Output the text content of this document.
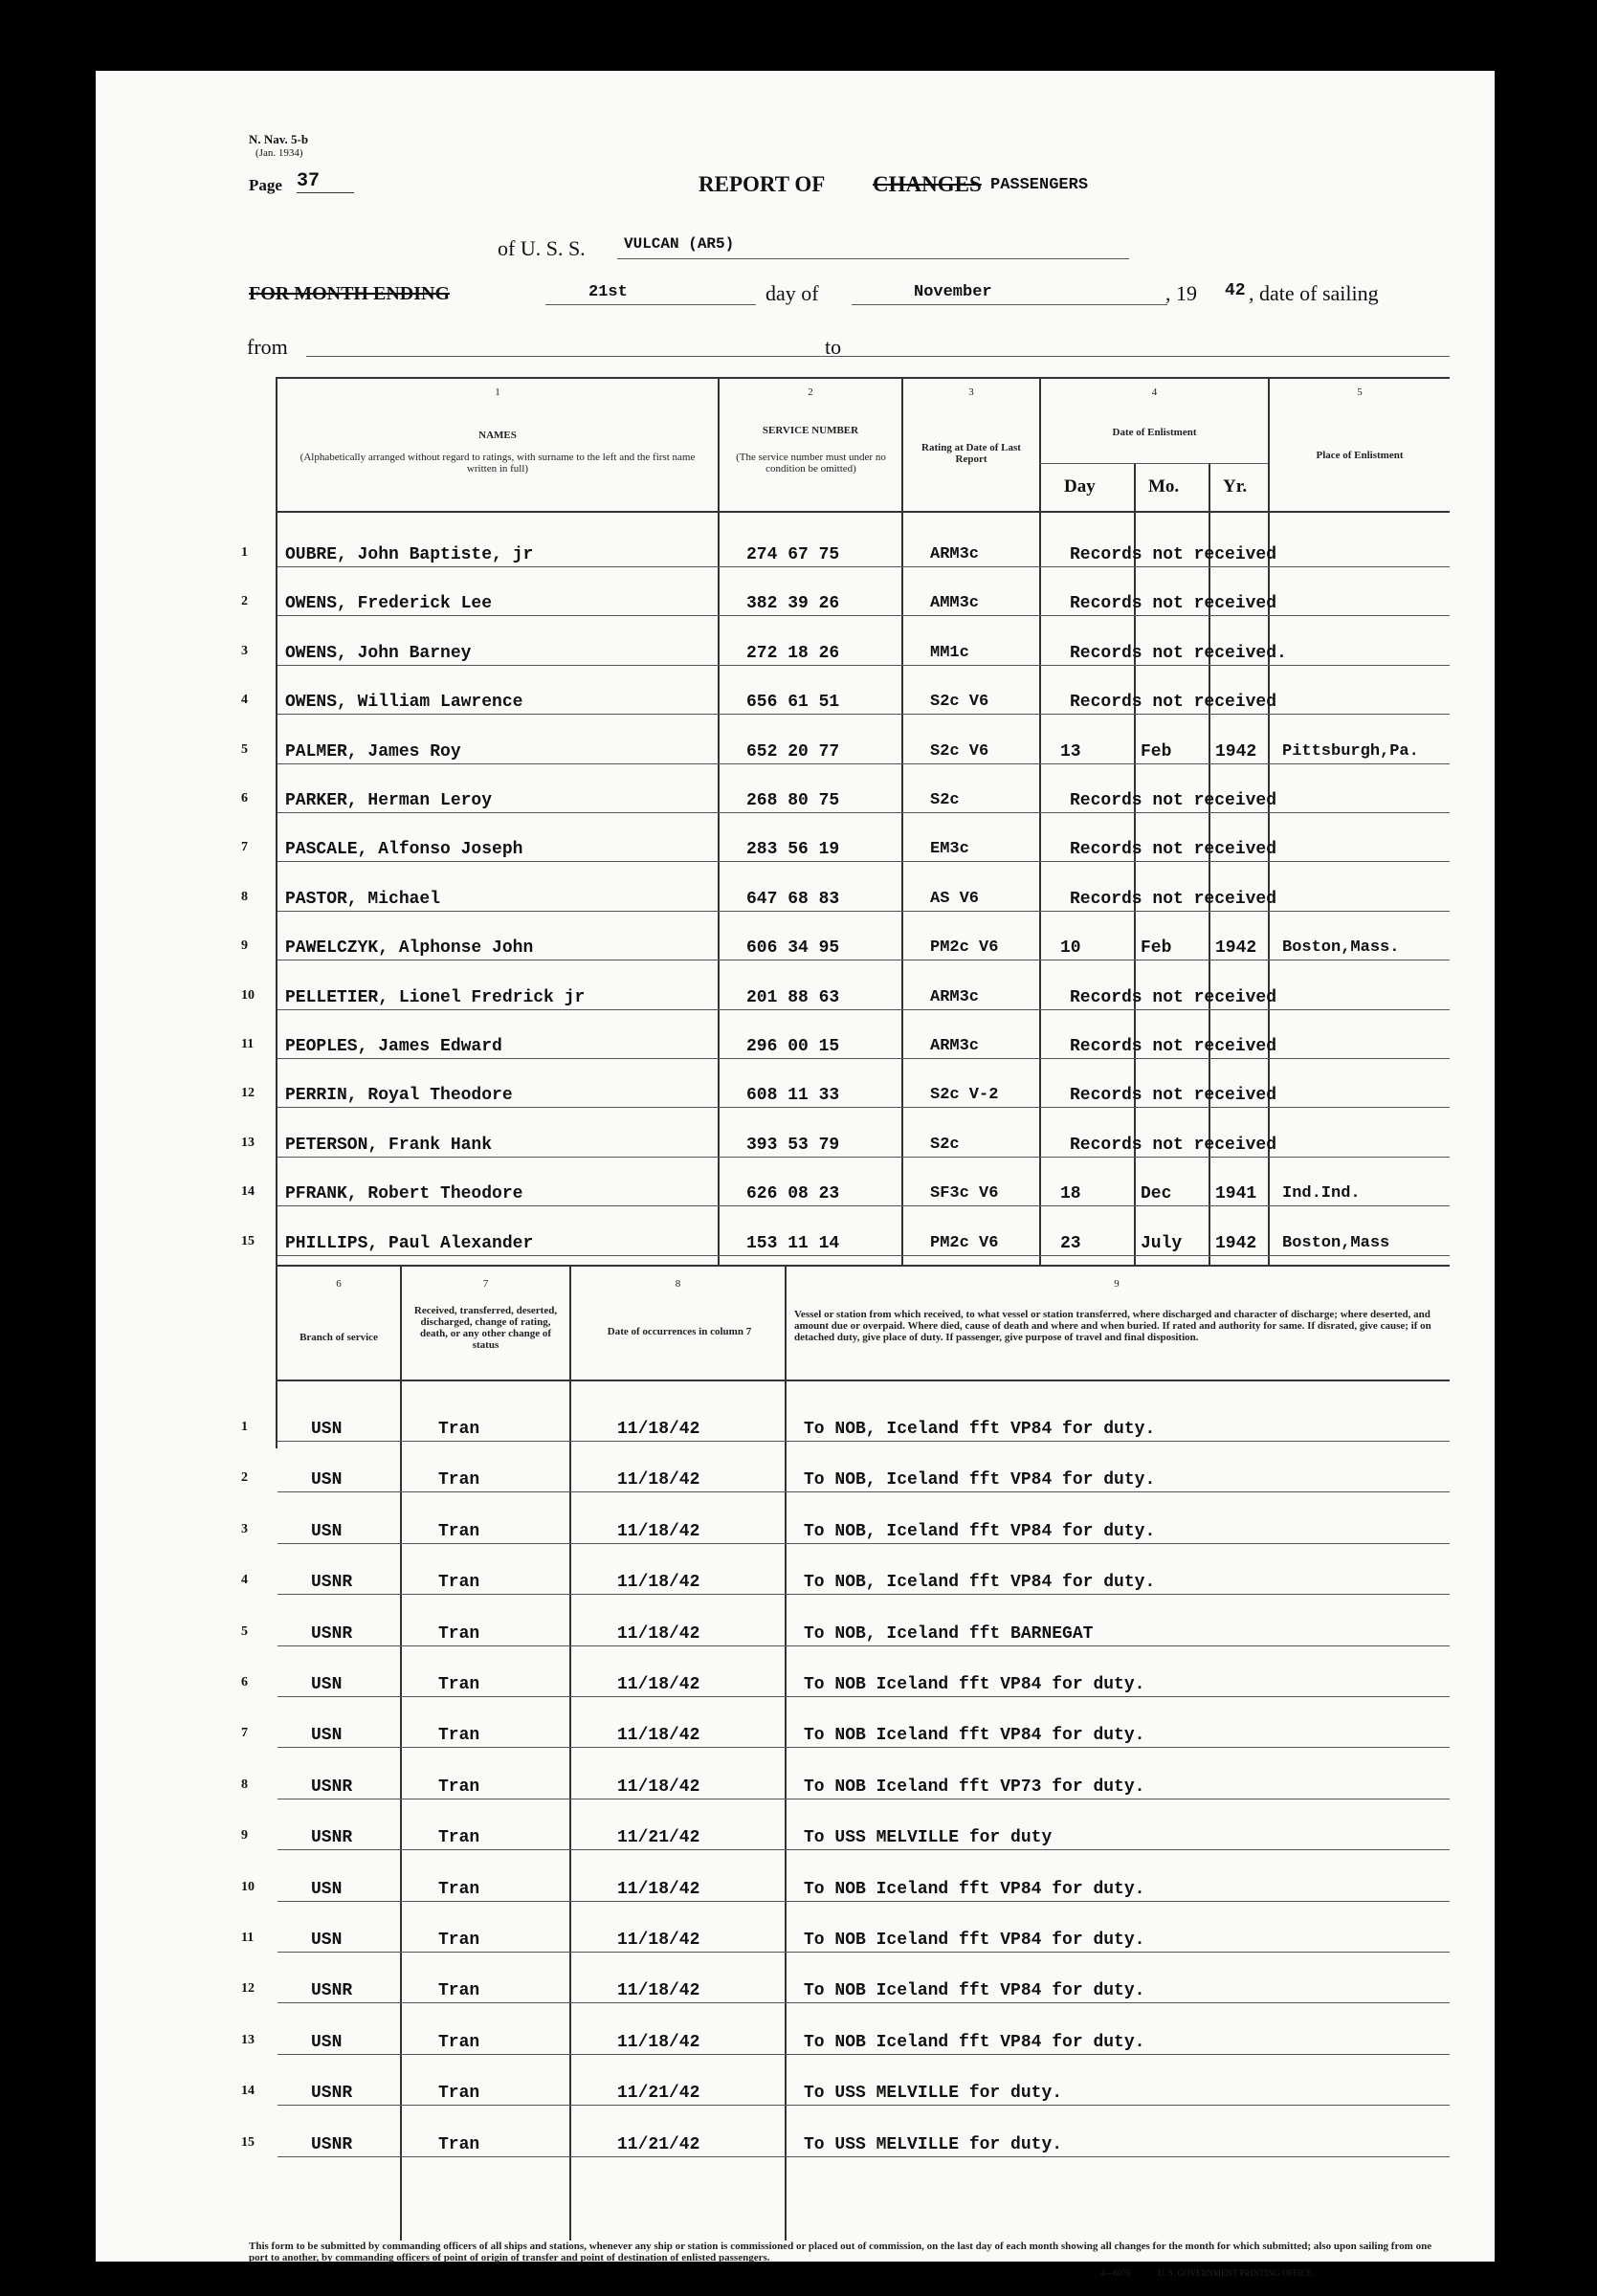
N. Nav. 5-b
(Jan. 1934)
Page 37	REPORT OF CHANGES PASSENGERS
of U. S. S.	VULCAN (AR5)
FOR MONTH ENDING	21st	day of	November	, 19 42 , date of sailing
from	to
1
NAMES
(Alphabetically arranged without regard to ratings, with surname to the left and the first name written in full)
2
SERVICE NUMBER
(The service number must under no condition be omitted)
3
Rating at Date of Last Report
4
Date of Enlistment
Day	Mo. Yr.
5
Place of Enlistment
1 OUBRE, John Baptiste, jr	274 67 75	ARM3c	Records not received
2 OWENS, Frederick Lee	382 39 26	AMM3c	Records not received
3 OWENS, John Barney	272 18 26	MM1c	Records not received.
4 OWENS, William Lawrence	656 61 51	S2c V6	Records not received
5 PALMER, James Roy	652 20 77	S2c V6	13	Feb	1942 Pittsburgh,Pa.
6 PARKER, Herman Leroy	268 80 75	S2c	Records not received
7 PASCALE, Alfonso Joseph	283 56 19	EM3c	Records not received
8 PASTOR, Michael	647 68 83	AS V6	Records not received
9 PAWELCZYK, Alphonse John	606 34 95	PM2c V6	10	Feb	1942 Boston,Mass.
10 PELLETIER, Lionel Fredrick jr	201 88 63	ARM3c	Records not received
11 PEOPLES, James Edward	296 00 15	ARM3c	Records not received
12 PERRIN, Royal Theodore	608 11 33	S2c V-2	Records not received
13 PETERSON, Frank Hank	393 53 79	S2c	Records not received
14 PFRANK, Robert Theodore	626 08 23	SF3c V6	18	Dec	1941 Ind.Ind.
15 PHILLIPS, Paul Alexander	153 11 14	PM2c V6	23	July 1942 Boston,Mass
6
Branch of service
7
Received, transferred, deserted, discharged, change of rating, death, or any other change of status
8
Date of occurrences in column 7
9
Vessel or station from which received, to what vessel or station transferred, where discharged and character of discharge; where deserted, and amount due or overpaid. Where died, cause of death and where and when buried. If rated and authority for same. If disrated, give cause; if on detached duty, give place of duty. If passenger, give purpose of travel and final disposition.
1	USN	Tran	11/18/42	To NOB, Iceland fft VP84 for duty.
2	USN	Tran	11/18/42	To NOB, Iceland fft VP84 for duty.
3	USN	Tran	11/18/42	To NOB, Iceland fft VP84 for duty.
4	USNR	Tran	11/18/42	To NOB, Iceland fft VP84 for duty.
5	USNR	Tran	11/18/42	To NOB, Iceland fft BARNEGAT
6	USN	Tran	11/18/42	To NOB Iceland fft VP84 for duty.
7	USN	Tran	11/18/42	To NOB Iceland fft VP84 for duty.
8	USNR	Tran	11/18/42	To NOB Iceland fft VP73 for duty.
9	USNR	Tran	11/21/42	To USS MELVILLE for duty
10	USN	Tran	11/18/42	To NOB Iceland fft VP84 for duty.
11	USN	Tran	11/18/42	To NOB Iceland fft VP84 for duty.
12	USNR	Tran	11/18/42	To NOB Iceland fft VP84 for duty.
13	USN	Tran	11/18/42	To NOB Iceland fft VP84 for duty.
14	USNR	Tran	11/21/42	To USS MELVILLE for duty.
15	USNR	Tran	11/21/42	To USS MELVILLE for duty.
This form to be submitted by commanding officers of all ships and stations, whenever any ship or station is commissioned or placed out of commission, on the last day of each month showing all changes for the month for which submitted; also upon sailing from one port to another, by commanding officers of point of origin of transfer and point of destination of enlisted passengers.
4—6076	U. S. GOVERNMENT PRINTING OFFICE
